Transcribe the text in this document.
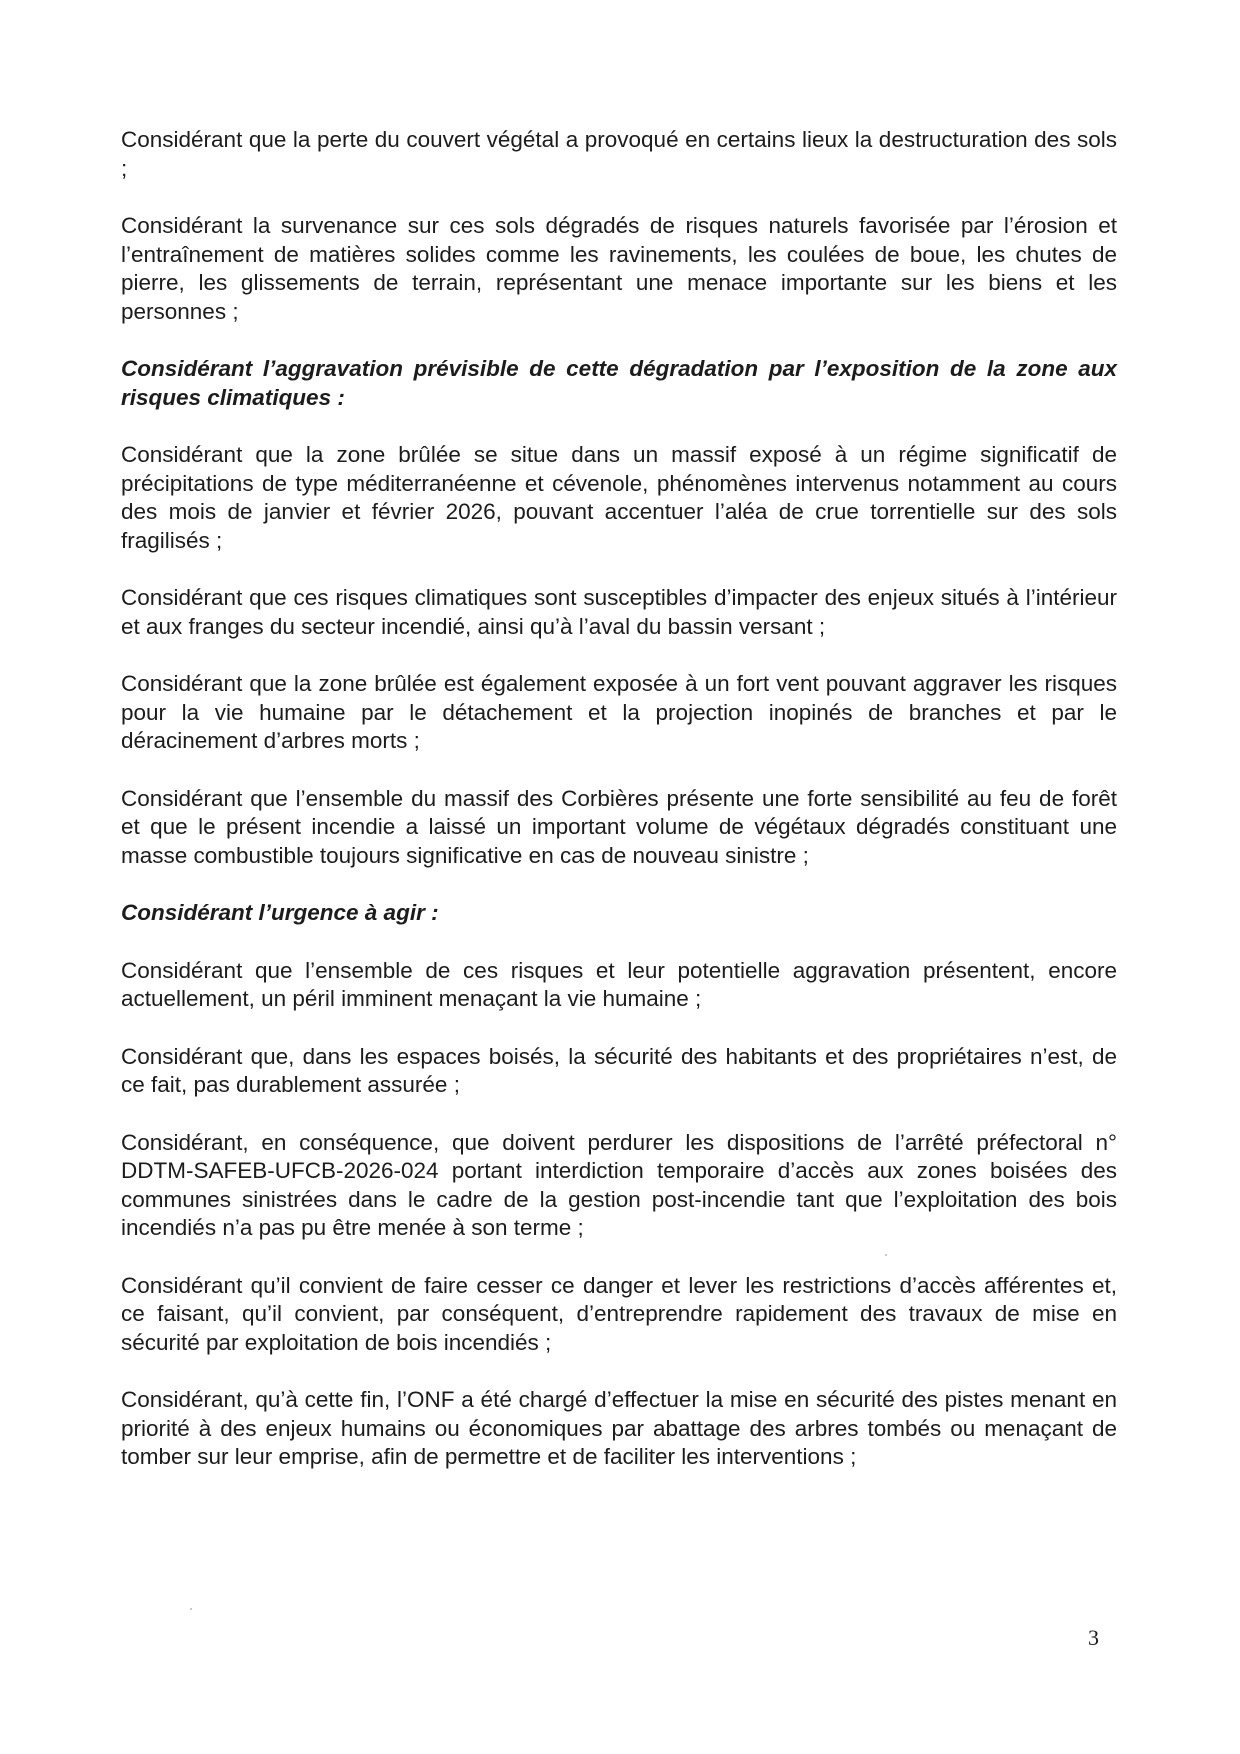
Considérant que la perte du couvert végétal a provoqué en certains lieux la destructuration des sols ;

Considérant la survenance sur ces sols dégradés de risques naturels favorisée par l’érosion et l’entraînement de matières solides comme les ravinements, les coulées de boue, les chutes de pierre, les glissements de terrain, représentant une menace importante sur les biens et les personnes ;

Considérant l’aggravation prévisible de cette dégradation par l’exposition de la zone aux risques climatiques :

Considérant que la zone brûlée se situe dans un massif exposé à un régime significatif de précipitations de type méditerranéenne et cévenole, phénomènes intervenus notamment au cours des mois de janvier et février 2026, pouvant accentuer l’aléa de crue torrentielle sur des sols fragilisés ;

Considérant que ces risques climatiques sont susceptibles d’impacter des enjeux situés à l’intérieur et aux franges du secteur incendié, ainsi qu’à l’aval du bassin versant ;

Considérant que la zone brûlée est également exposée à un fort vent pouvant aggraver les risques pour la vie humaine par le détachement et la projection inopinés de branches et par le déracinement d’arbres morts ;

Considérant que l’ensemble du massif des Corbières présente une forte sensibilité au feu de forêt et que le présent incendie a laissé un important volume de végétaux dégradés constituant une masse combustible toujours significative en cas de nouveau sinistre ;

Considérant l’urgence à agir :

Considérant que l’ensemble de ces risques et leur potentielle aggravation présentent, encore actuellement, un péril imminent menaçant la vie humaine ;

Considérant que, dans les espaces boisés, la sécurité des habitants et des propriétaires n’est, de ce fait, pas durablement assurée ;

Considérant, en conséquence, que doivent perdurer les dispositions de l’arrêté préfectoral n° DDTM-SAFEB-UFCB-2026-024 portant interdiction temporaire d’accès aux zones boisées des communes sinistrées dans le cadre de la gestion post-incendie tant que l’exploitation des bois incendiés n’a pas pu être menée à son terme ;

Considérant qu’il convient de faire cesser ce danger et lever les restrictions d’accès afférentes et, ce faisant, qu’il convient, par conséquent, d’entreprendre rapidement des travaux de mise en sécurité par exploitation de bois incendiés ;

Considérant, qu’à cette fin, l’ONF a été chargé d’effectuer la mise en sécurité des pistes menant en priorité à des enjeux humains ou économiques par abattage des arbres tombés ou menaçant de tomber sur leur emprise, afin de permettre et de faciliter les interventions ;

3
